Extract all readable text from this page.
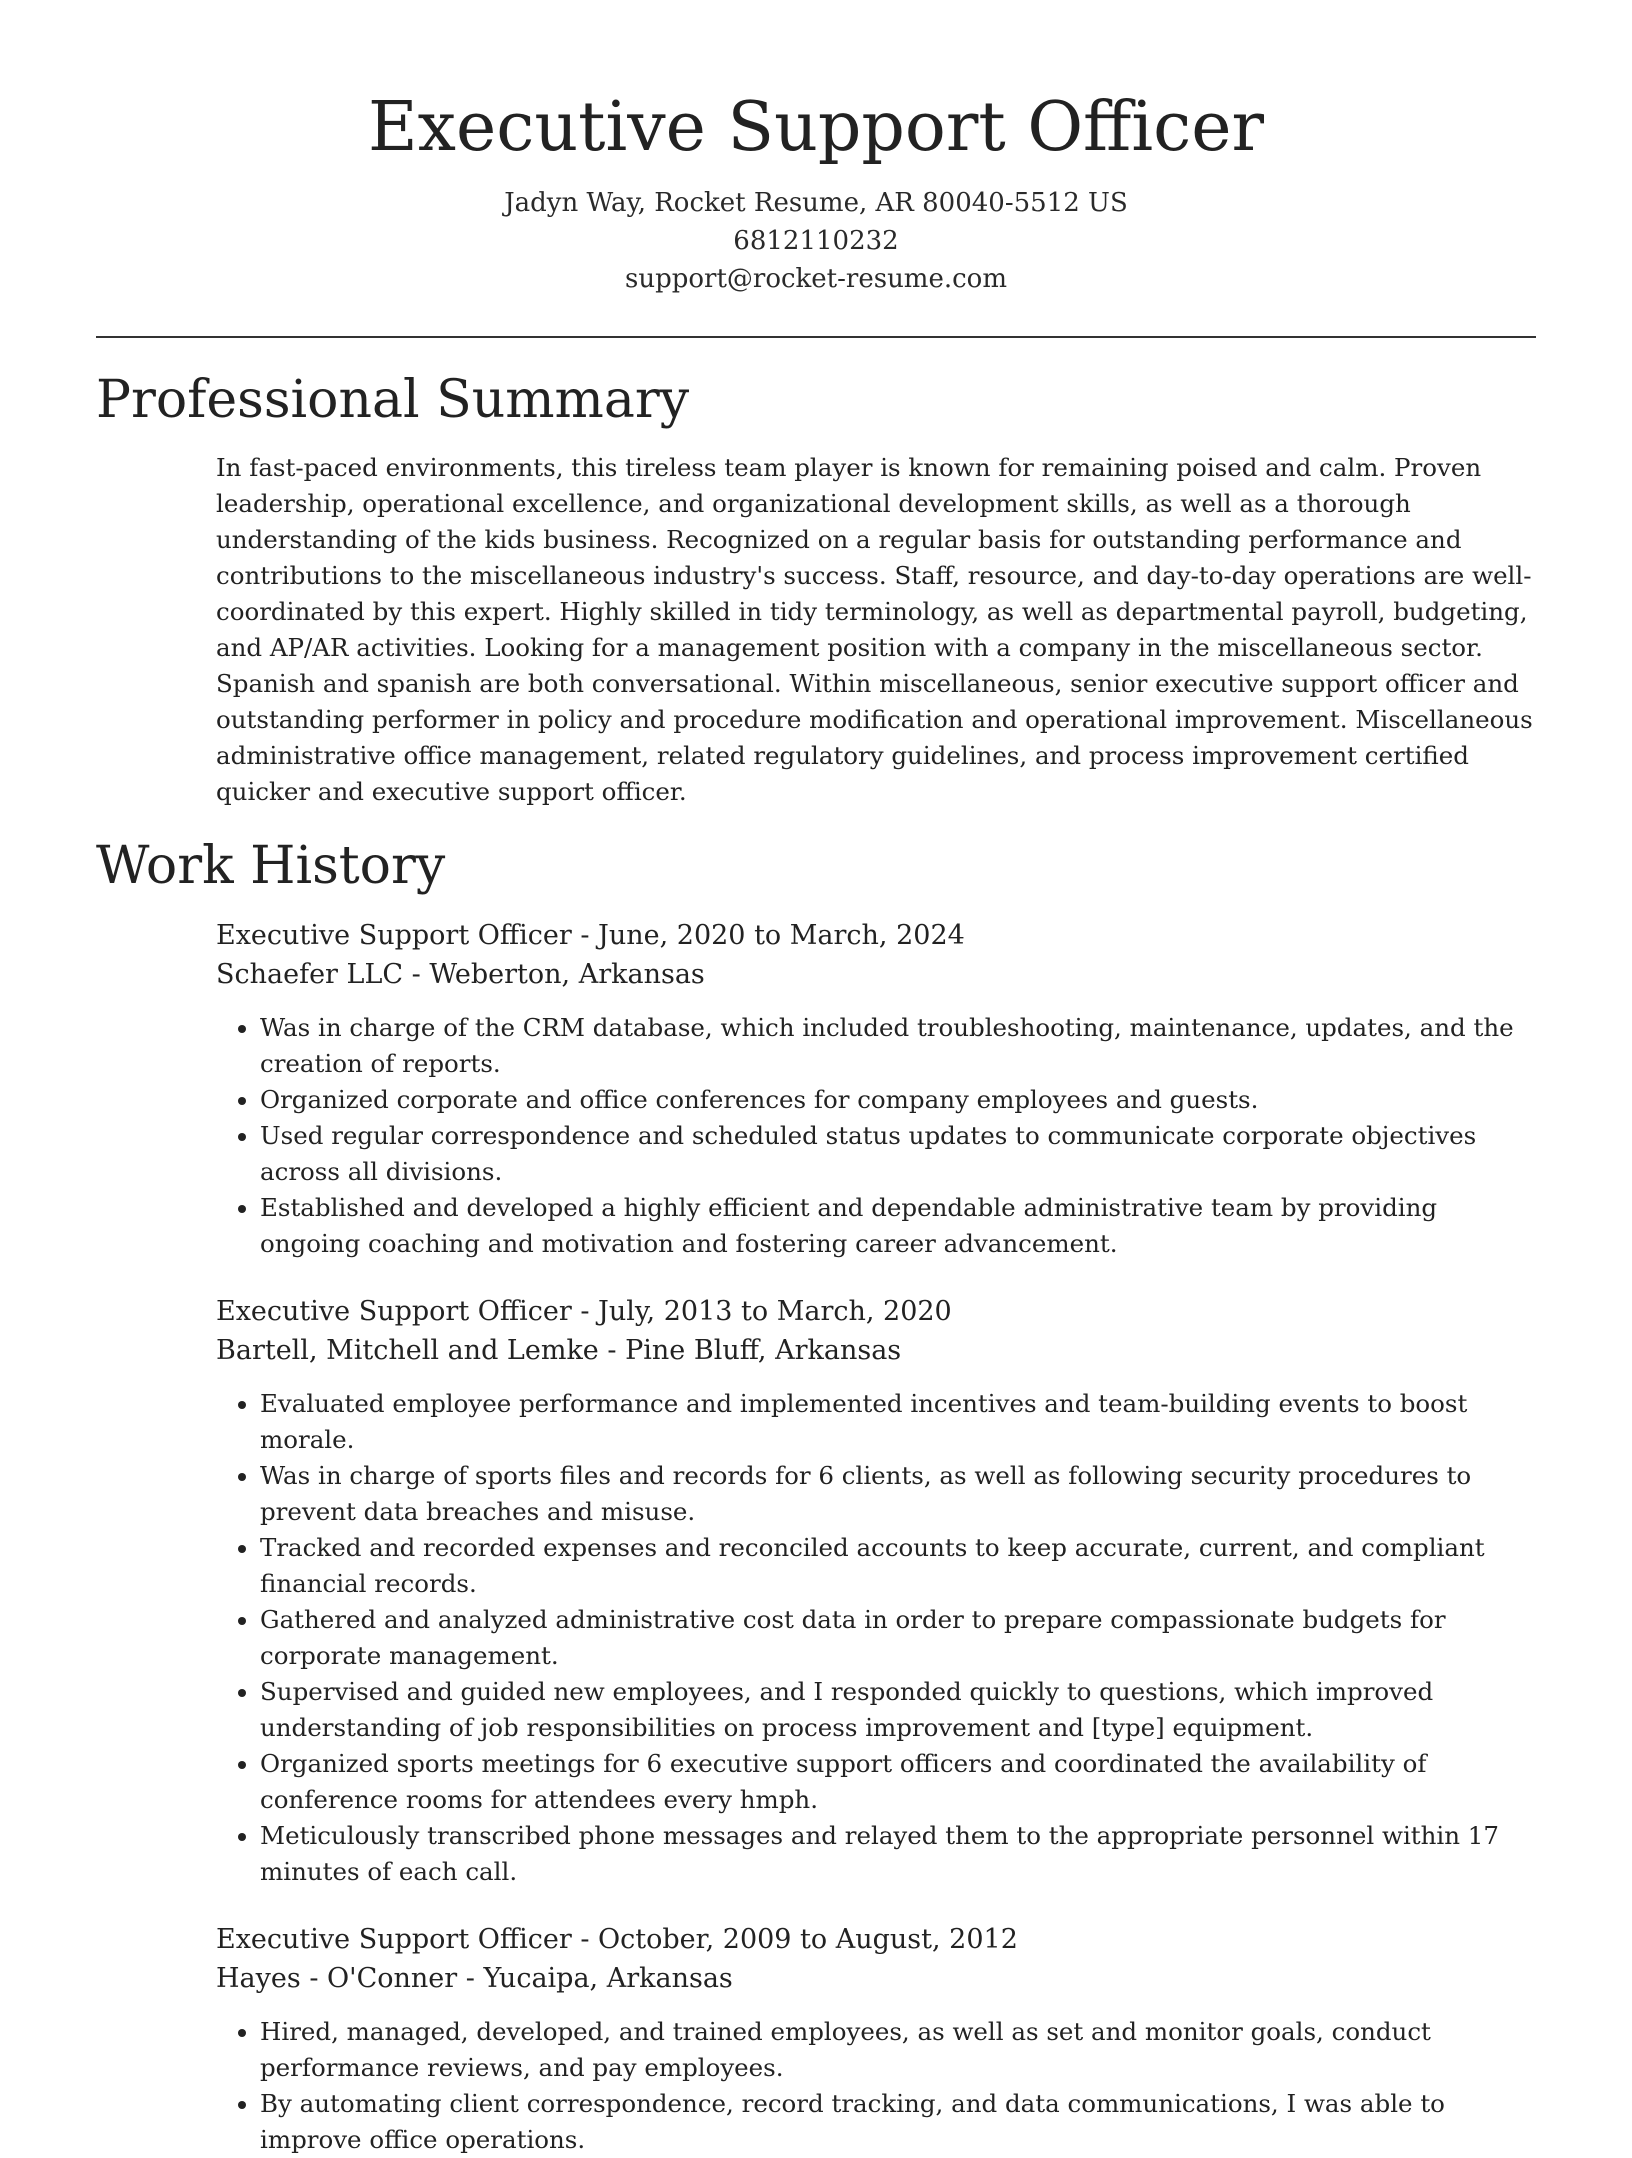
Executive Support Officer
Jadyn Way, Rocket Resume, AR 80040-5512 US
6812110232
support@rocket-resume.com
Professional Summary

In fast-paced environments, this tireless team player is known for remaining poised and calm. Proven leadership, operational excellence, and organizational development skills, as well as a thorough understanding of the kids business. Recognized on a regular basis for outstanding performance and contributions to the miscellaneous industry's success. Staff, resource, and day-to-day operations are well-coordinated by this expert. Highly skilled in tidy terminology, as well as departmental payroll, budgeting, and AP/AR activities. Looking for a management position with a company in the miscellaneous sector. Spanish and spanish are both conversational. Within miscellaneous, senior executive support officer and outstanding performer in policy and procedure modification and operational improvement. Miscellaneous administrative office management, related regulatory guidelines, and process improvement certified quicker and executive support officer.

Work History
Executive Support Officer - June, 2020 to March, 2024
Schaefer LLC - Weberton, Arkansas
• Was in charge of the CRM database, which included troubleshooting, maintenance, updates, and the creation of reports.
• Organized corporate and office conferences for company employees and guests.
• Used regular correspondence and scheduled status updates to communicate corporate objectives across all divisions.
• Established and developed a highly efficient and dependable administrative team by providing ongoing coaching and motivation and fostering career advancement.
Executive Support Officer - July, 2013 to March, 2020
Bartell, Mitchell and Lemke - Pine Bluff, Arkansas
• Evaluated employee performance and implemented incentives and team-building events to boost morale.
• Was in charge of sports files and records for 6 clients, as well as following security procedures to prevent data breaches and misuse.
• Tracked and recorded expenses and reconciled accounts to keep accurate, current, and compliant financial records.
• Gathered and analyzed administrative cost data in order to prepare compassionate budgets for corporate management.
• Supervised and guided new employees, and I responded quickly to questions, which improved understanding of job responsibilities on process improvement and [type] equipment.
• Organized sports meetings for 6 executive support officers and coordinated the availability of conference rooms for attendees every hmph.
• Meticulously transcribed phone messages and relayed them to the appropriate personnel within 17 minutes of each call.
Executive Support Officer - October, 2009 to August, 2012
Hayes - O'Conner - Yucaipa, Arkansas
• Hired, managed, developed, and trained employees, as well as set and monitor goals, conduct performance reviews, and pay employees.
• By automating client correspondence, record tracking, and data communications, I was able to improve office operations.
